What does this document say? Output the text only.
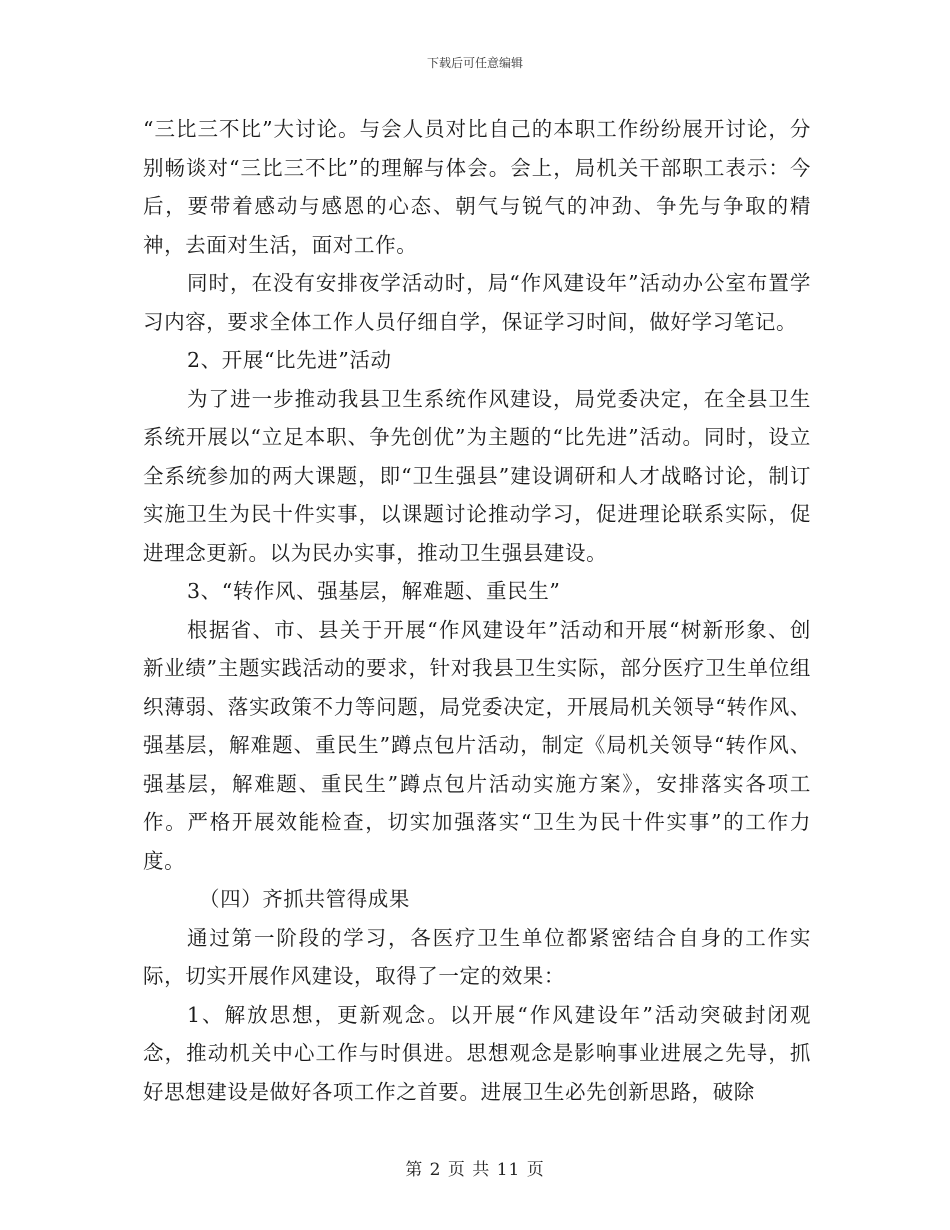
下载后可任意编辑

“三比三不比”大讨论。与会人员对比自己的本职工作纷纷展开讨论，分别畅谈对“三比三不比”的理解与体会。会上，局机关干部职工表示：今后，要带着感动与感恩的心态、朝气与锐气的冲劲、争先与争取的精神，去面对生活，面对工作。

同时，在没有安排夜学活动时，局“作风建设年”活动办公室布置学习内容，要求全体工作人员仔细自学，保证学习时间，做好学习笔记。

2、开展“比先进”活动

为了进一步推动我县卫生系统作风建设，局党委决定，在全县卫生系统开展以“立足本职、争先创优”为主题的“比先进”活动。同时，设立全系统参加的两大课题，即“卫生强县”建设调研和人才战略讨论，制订实施卫生为民十件实事，以课题讨论推动学习，促进理论联系实际，促进理念更新。以为民办实事，推动卫生强县建设。

3、“转作风、强基层，解难题、重民生”

根据省、市、县关于开展“作风建设年”活动和开展“树新形象、创新业绩”主题实践活动的要求，针对我县卫生实际，部分医疗卫生单位组织薄弱、落实政策不力等问题，局党委决定，开展局机关领导“转作风、强基层，解难题、重民生”蹲点包片活动，制定《局机关领导“转作风、强基层，解难题、重民生”蹲点包片活动实施方案》，安排落实各项工作。严格开展效能检查，切实加强落实“卫生为民十件实事”的工作力度。

（四）齐抓共管得成果

通过第一阶段的学习，各医疗卫生单位都紧密结合自身的工作实际，切实开展作风建设，取得了一定的效果：

1、解放思想，更新观念。以开展“作风建设年”活动突破封闭观念，推动机关中心工作与时俱进。思想观念是影响事业进展之先导，抓好思想建设是做好各项工作之首要。进展卫生必先创新思路，破除

第 2 页 共 11 页
